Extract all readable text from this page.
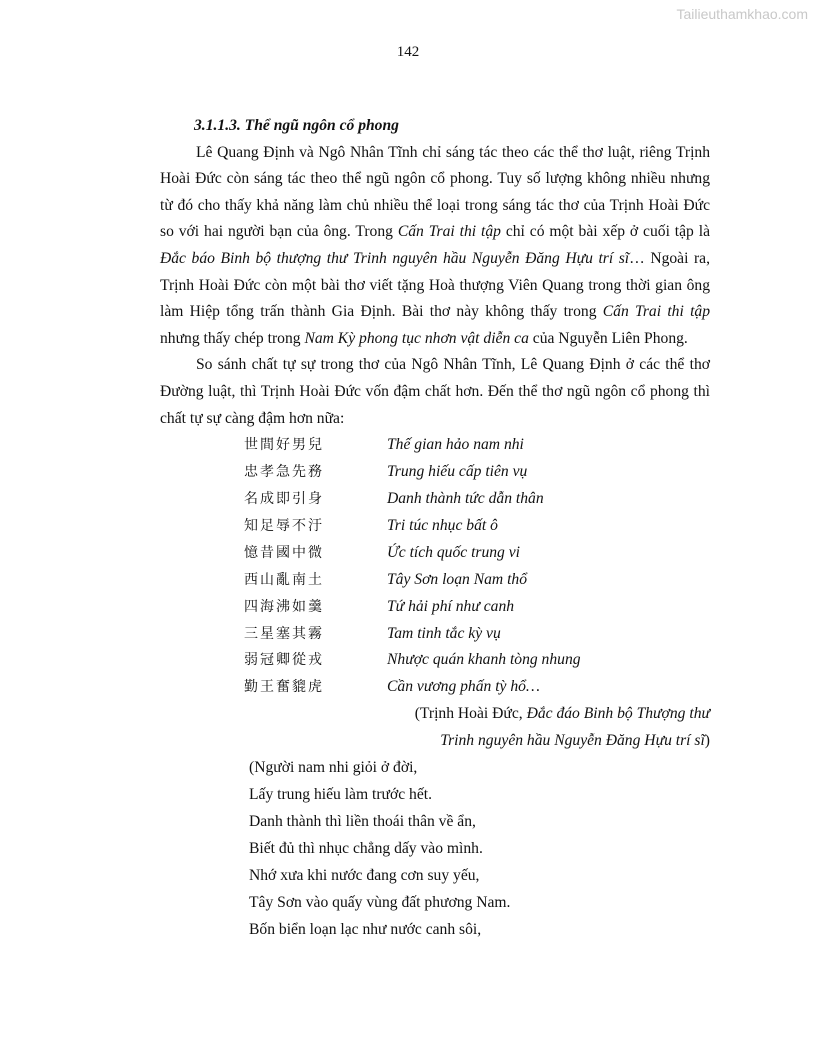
Tailieuthamkhao.com
142

3.1.1.3. Thể ngũ ngôn cổ phong

Lê Quang Định và Ngô Nhân Tĩnh chỉ sáng tác theo các thể thơ luật, riêng Trịnh Hoài Đức còn sáng tác theo thể ngũ ngôn cổ phong. Tuy số lượng không nhiều nhưng từ đó cho thấy khả năng làm chủ nhiều thể loại trong sáng tác thơ của Trịnh Hoài Đức so với hai người bạn của ông. Trong Cấn Trai thi tập chỉ có một bài xếp ở cuối tập là Đắc báo Binh bộ thượng thư Trinh nguyên hầu Nguyễn Đăng Hựu trí sĩ… Ngoài ra, Trịnh Hoài Đức còn một bài thơ viết tặng Hoà thượng Viên Quang trong thời gian ông làm Hiệp tổng trấn thành Gia Định. Bài thơ này không thấy trong Cấn Trai thi tập nhưng thấy chép trong Nam Kỳ phong tục nhơn vật diễn ca của Nguyễn Liên Phong.

So sánh chất tự sự trong thơ của Ngô Nhân Tĩnh, Lê Quang Định ở các thể thơ Đường luật, thì Trịnh Hoài Đức vốn đậm chất hơn. Đến thể thơ ngũ ngôn cổ phong thì chất tự sự càng đậm hơn nữa:

世間好男兒	Thế gian hảo nam nhi
忠孝急先務	Trung hiếu cấp tiên vụ
名成即引身	Danh thành tức dẫn thân
知足辱不汙	Tri túc nhục bất ô
憶昔國中微	Ức tích quốc trung vi
西山亂南土	Tây Sơn loạn Nam thổ
四海沸如羹	Tứ hải phí như canh
三星塞其霧	Tam tinh tắc kỳ vụ
弱冠卿從戎	Nhược quán khanh tòng nhung
勤王奮貔虎	Cần vương phấn tỳ hổ…

(Trịnh Hoài Đức, Đắc đáo Binh bộ Thượng thư
Trinh nguyên hầu Nguyễn Đăng Hựu trí sĩ)

(Người nam nhi giỏi ở đời,
Lấy trung hiếu làm trước hết.
Danh thành thì liền thoái thân về ẩn,
Biết đủ thì nhục chẳng dấy vào mình.
Nhớ xưa khi nước đang cơn suy yếu,
Tây Sơn vào quấy vùng đất phương Nam.
Bốn biển loạn lạc như nước canh sôi,
